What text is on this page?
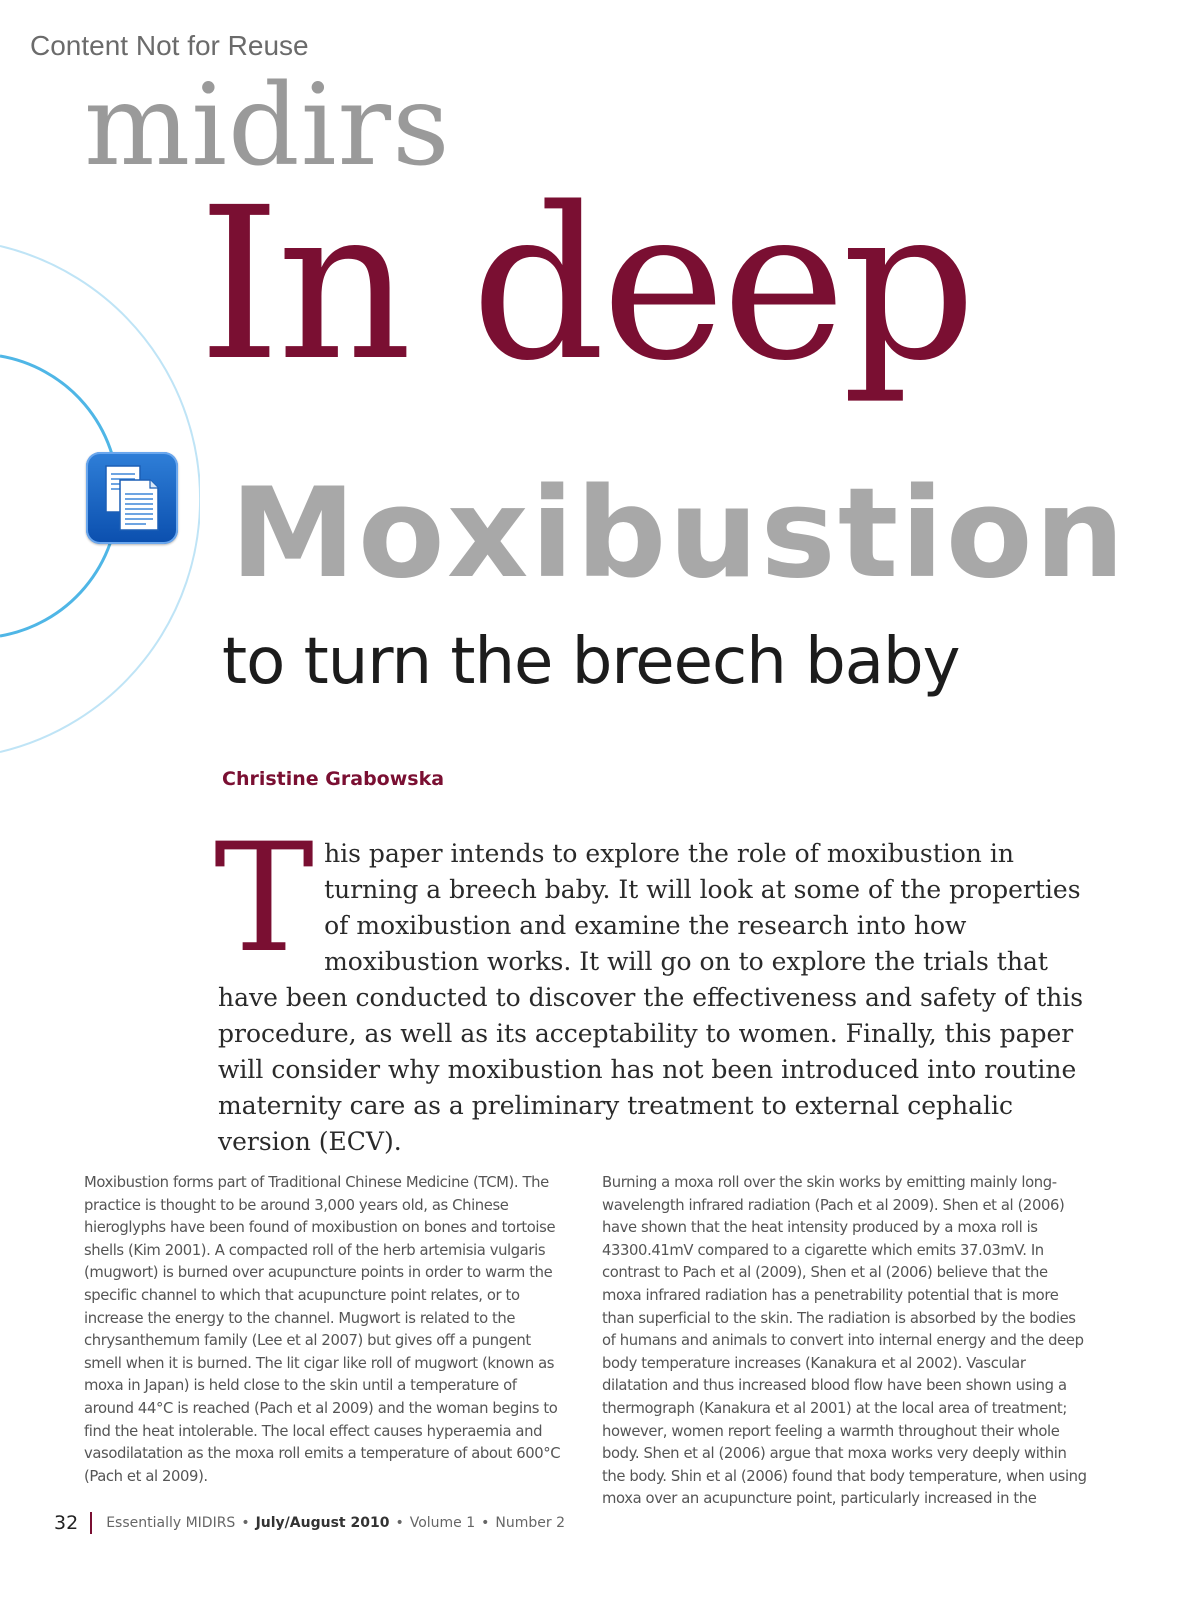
Content Not for Reuse
midirs
In deep
Moxibustion
to turn the breech baby
Christine Grabowska
T his paper intends to explore the role of moxibustion in turning a breech baby. It will look at some of the properties of moxibustion and examine the research into how moxibustion works. It will go on to explore the trials that have been conducted to discover the effectiveness and safety of this procedure, as well as its acceptability to women. Finally, this paper will consider why moxibustion has not been introduced into routine maternity care as a preliminary treatment to external cephalic version (ECV).
Moxibustion forms part of Traditional Chinese Medicine (TCM). The practice is thought to be around 3,000 years old, as Chinese hieroglyphs have been found of moxibustion on bones and tortoise shells (Kim 2001). A compacted roll of the herb artemisia vulgaris (mugwort) is burned over acupuncture points in order to warm the specific channel to which that acupuncture point relates, or to increase the energy to the channel. Mugwort is related to the chrysanthemum family (Lee et al 2007) but gives off a pungent smell when it is burned. The lit cigar like roll of mugwort (known as moxa in Japan) is held close to the skin until a temperature of around 44°C is reached (Pach et al 2009) and the woman begins to find the heat intolerable. The local effect causes hyperaemia and vasodilatation as the moxa roll emits a temperature of about 600°C (Pach et al 2009).
Burning a moxa roll over the skin works by emitting mainly long-wavelength infrared radiation (Pach et al 2009). Shen et al (2006) have shown that the heat intensity produced by a moxa roll is 43300.41mV compared to a cigarette which emits 37.03mV. In contrast to Pach et al (2009), Shen et al (2006) believe that the moxa infrared radiation has a penetrability potential that is more than superficial to the skin. The radiation is absorbed by the bodies of humans and animals to convert into internal energy and the deep body temperature increases (Kanakura et al 2002). Vascular dilatation and thus increased blood flow have been shown using a thermograph (Kanakura et al 2001) at the local area of treatment; however, women report feeling a warmth throughout their whole body. Shen et al (2006) argue that moxa works very deeply within the body. Shin et al (2006) found that body temperature, when using moxa over an acupuncture point, particularly increased in the
32 Essentially MIDIRS • July/August 2010 • Volume 1 • Number 2
